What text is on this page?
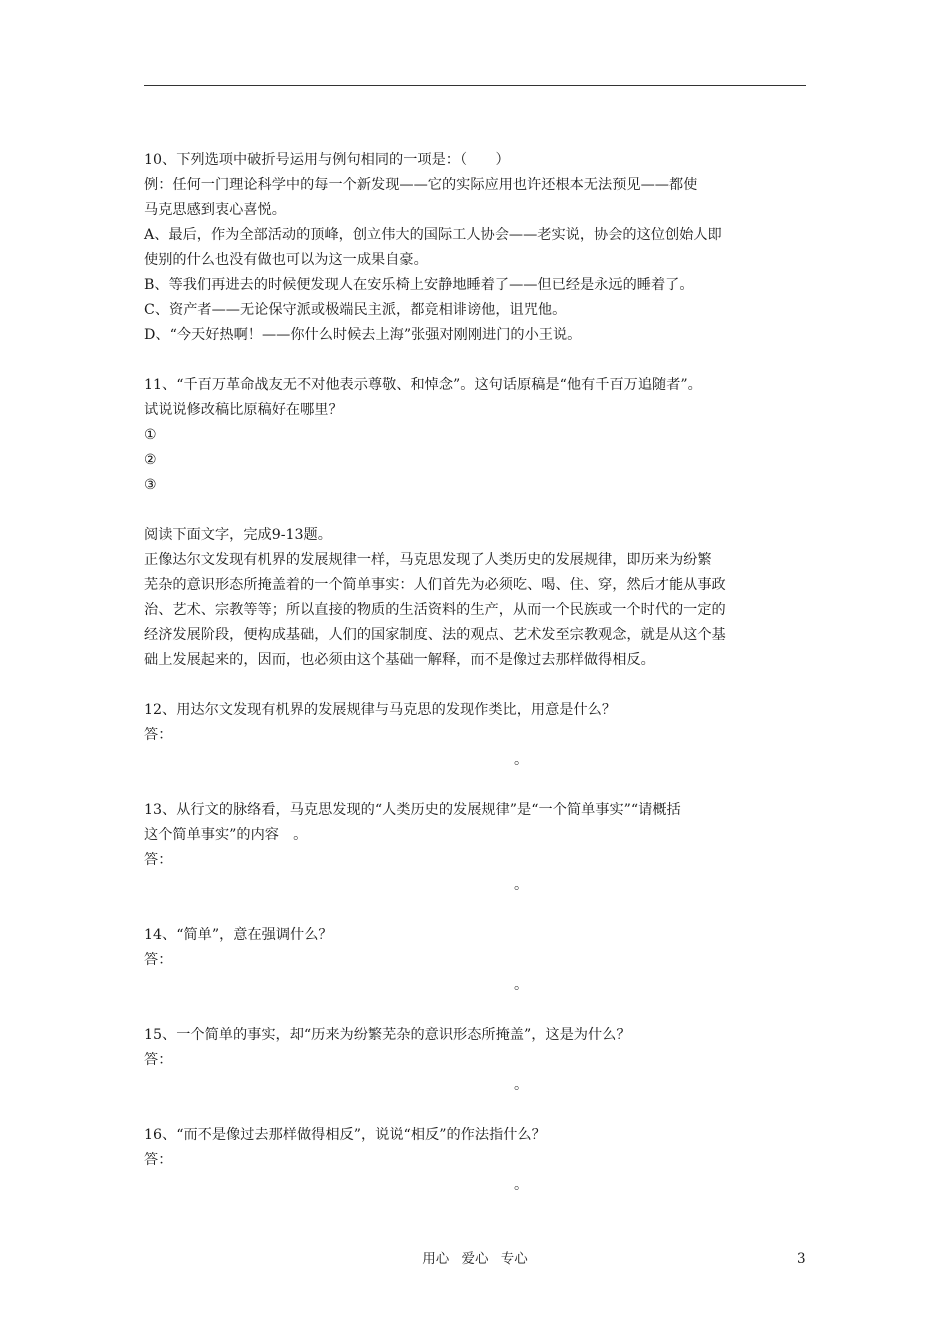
10、下列选项中破折号运用与例句相同的一项是：（　　）

例：任何一门理论科学中的每一个新发现——它的实际应用也许还根本无法预见——都使

马克思感到衷心喜悦。

A、最后，作为全部活动的顶峰，创立伟大的国际工人协会——老实说，协会的这位创始人即

使别的什么也没有做也可以为这一成果自豪。

B、等我们再进去的时候便发现人在安乐椅上安静地睡着了——但已经是永远的睡着了。

C、资产者——无论保守派或极端民主派，都竞相诽谤他，诅咒他。

D、“今天好热啊！——你什么时候去上海”张强对刚刚进门的小王说。

11、“千百万革命战友无不对他表示尊敬、和悼念”。这句话原稿是“他有千百万追随者”。

试说说修改稿比原稿好在哪里？

①

②

③

阅读下面文字，完成9-13题。

正像达尔文发现有机界的发展规律一样，马克思发现了人类历史的发展规律，即历来为纷繁

芜杂的意识形态所掩盖着的一个简单事实：人们首先为必须吃、喝、住、穿，然后才能从事政

治、艺术、宗教等等；所以直接的物质的生活资料的生产，从而一个民族或一个时代的一定的

经济发展阶段，便构成基础，人们的国家制度、法的观点、艺术发至宗教观念，就是从这个基

础上发展起来的，因而，也必须由这个基础一解释，而不是像过去那样做得相反。

12、用达尔文发现有机界的发展规律与马克思的发现作类比，用意是什么？

答：

。

13、从行文的脉络看，马克思发现的“人类历史的发展规律”是“一个简单事实”“请概括

这个简单事实”的内容　。

答：

。

14、“简单”，意在强调什么？

答：

。

15、一个简单的事实，却“历来为纷繁芜杂的意识形态所掩盖”，这是为什么？

答：

。

16、“而不是像过去那样做得相反”，说说“相反”的作法指什么？

答：

。

用心 爱心 专心	3
